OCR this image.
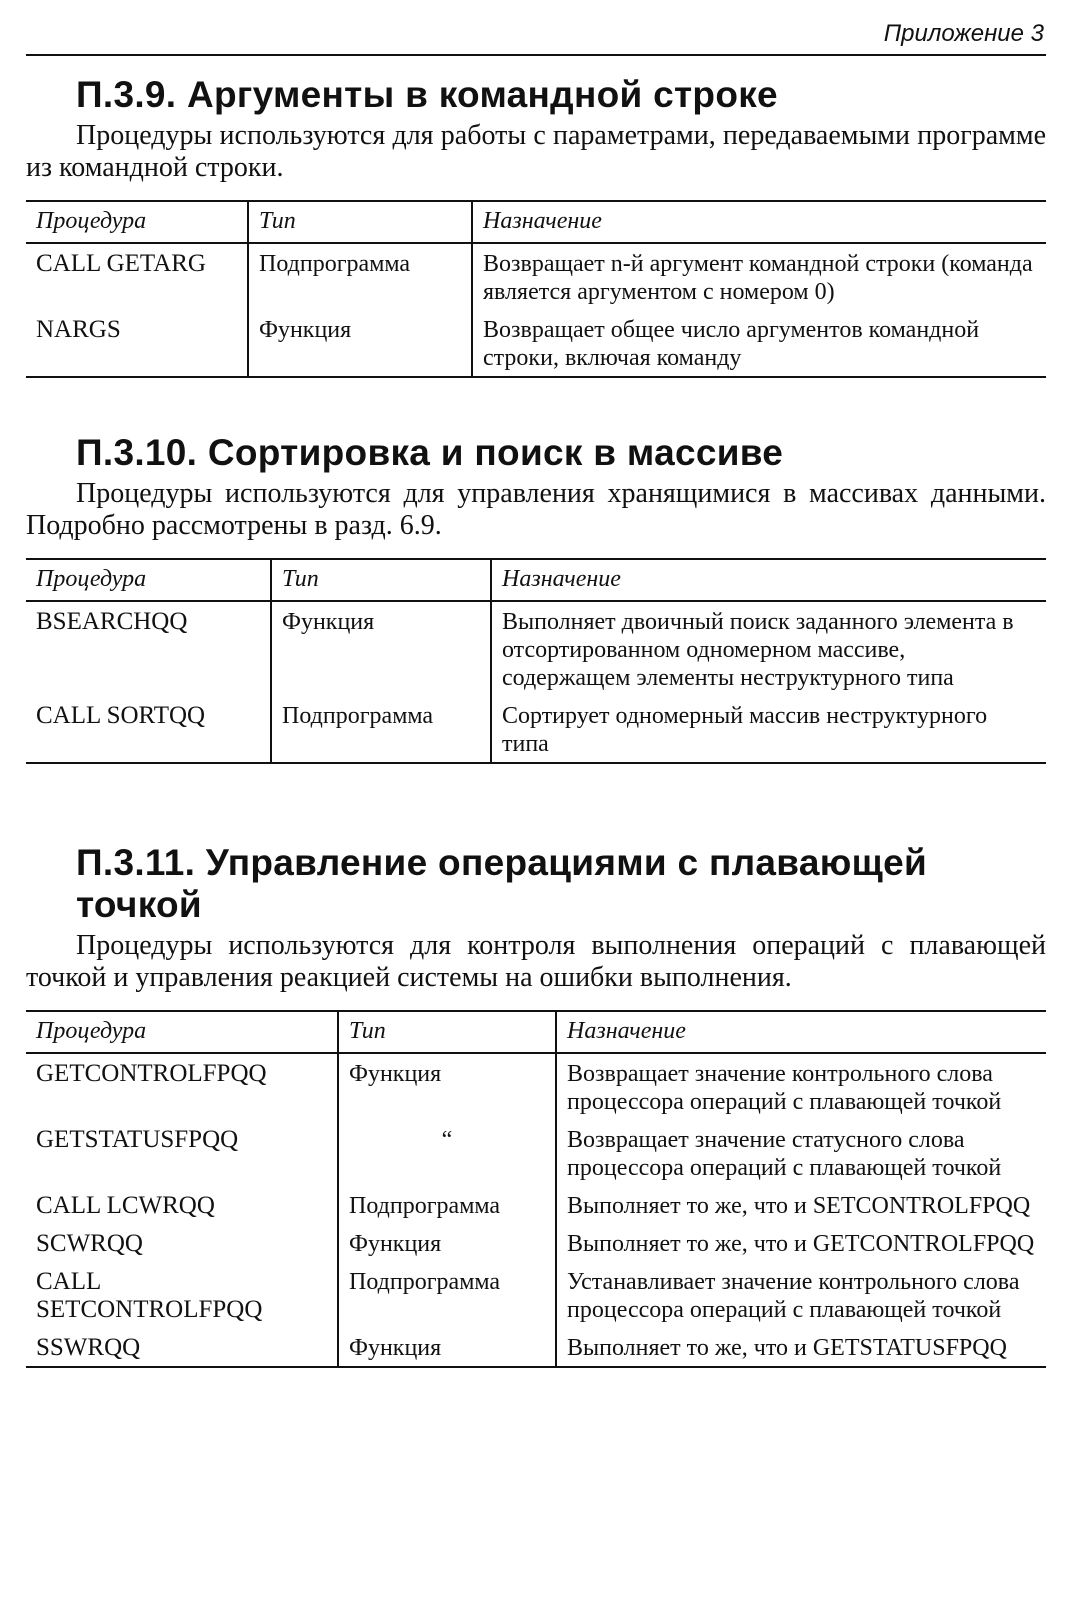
Приложение 3
П.3.9. Аргументы в командной строке

Процедуры используются для работы с параметрами, передаваемыми программе из командной строки.

Процедура	Тип	Назначение
CALL GETARG	Подпрограмма	Возвращает n-й аргумент командной строки (команда является аргументом с номером 0)
NARGS	Функция	Возвращает общее число аргументов командной строки, включая команду
П.3.10. Сортировка и поиск в массиве

Процедуры используются для управления хранящимися в массивах данными. Подробно рассмотрены в разд. 6.9.

Процедура	Тип	Назначение
BSEARCHQQ	Функция	Выполняет двоичный поиск заданного элемента в отсортированном одномерном массиве, содержащем элементы неструктурного типа
CALL SORTQQ	Подпрограмма	Сортирует одномерный массив неструктурного типа
П.3.11. Управление операциями с плавающей точкой

Процедуры используются для контроля выполнения операций с плавающей точкой и управления реакцией системы на ошибки выполнения.

Процедура	Тип	Назначение
GETCONTROLFPQQ	Функция	Возвращает значение контрольного слова процессора операций с плавающей точкой
GETSTATUSFPQQ	“	Возвращает значение статусного слова процессора операций с плавающей точкой
CALL LCWRQQ	Подпрограмма	Выполняет то же, что и SETCONTROLFPQQ
SCWRQQ	Функция	Выполняет то же, что и GETCONTROLFPQQ
CALL SETCONTROLFPQQ	Подпрограмма	Устанавливает значение контрольного слова процессора операций с плавающей точкой
SSWRQQ	Функция	Выполняет то же, что и GETSTATUSFPQQ
